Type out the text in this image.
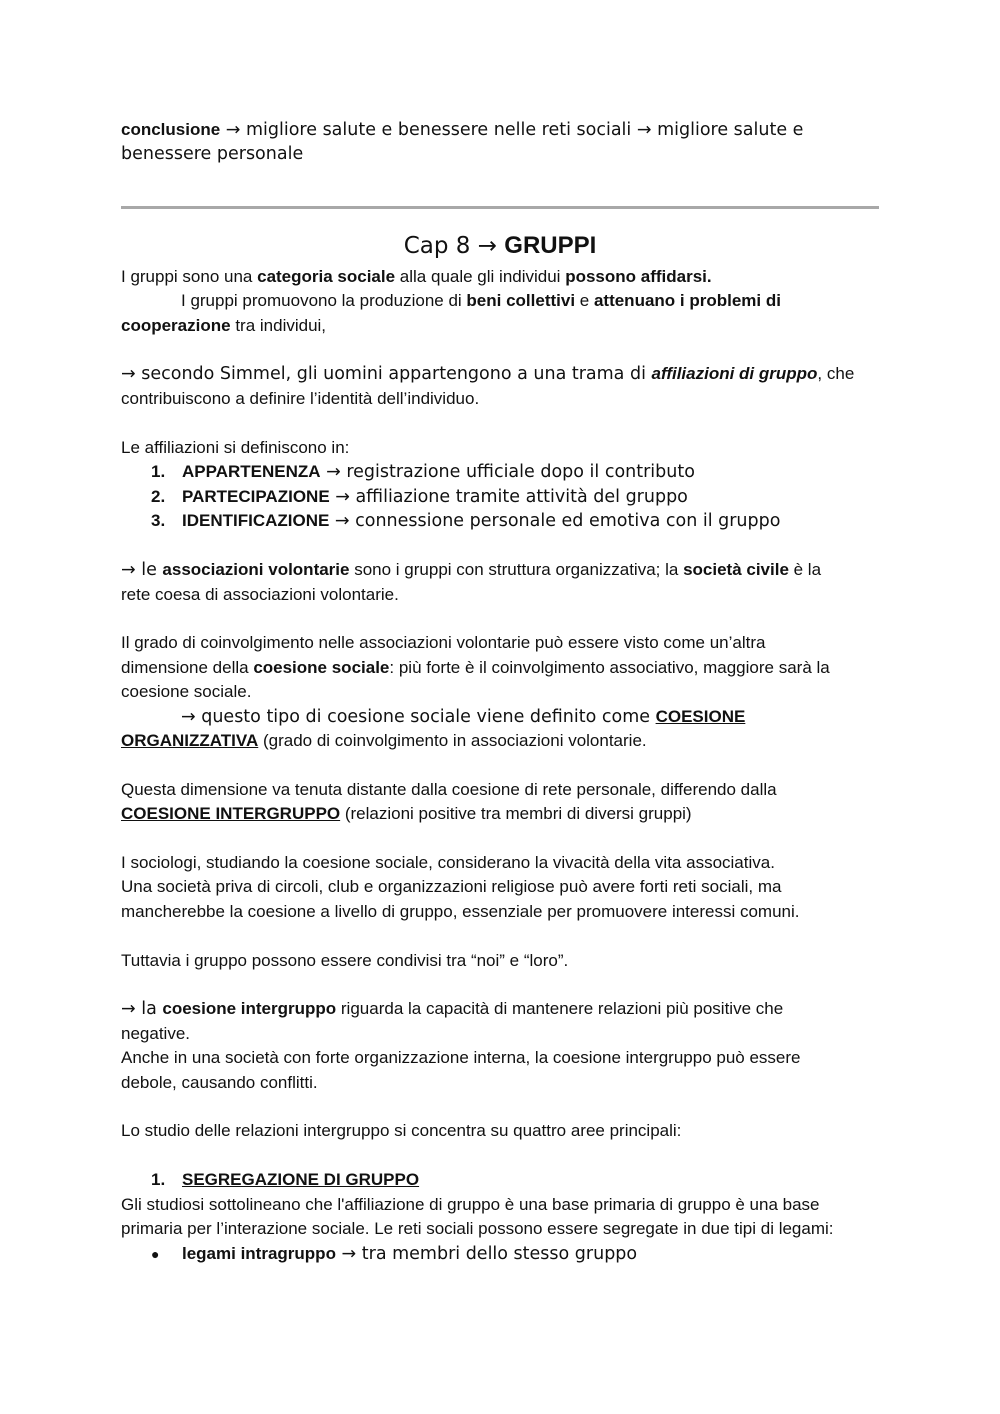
conclusione → migliore salute e benessere nelle reti sociali → migliore salute e
benessere personale
Cap 8 → GRUPPI
I gruppi sono una categoria sociale alla quale gli individui possono affidarsi.
I gruppi promuovono la produzione di beni collettivi e attenuano i problemi di
cooperazione tra individui,
→ secondo Simmel, gli uomini appartengono a una trama di affiliazioni di gruppo, che
contribuiscono a definire l’identità dell’individuo.
Le affiliazioni si definiscono in:
1. APPARTENENZA → registrazione ufficiale dopo il contributo
2. PARTECIPAZIONE → affiliazione tramite attività del gruppo
3. IDENTIFICAZIONE → connessione personale ed emotiva con il gruppo
→ le associazioni volontarie sono i gruppi con struttura organizzativa; la società civile è la
rete coesa di associazioni volontarie.
Il grado di coinvolgimento nelle associazioni volontarie può essere visto come un’altra
dimensione della coesione sociale: più forte è il coinvolgimento associativo, maggiore sarà la
coesione sociale.
→ questo tipo di coesione sociale viene definito come COESIONE
ORGANIZZATIVA (grado di coinvolgimento in associazioni volontarie.
Questa dimensione va tenuta distante dalla coesione di rete personale, differendo dalla
COESIONE INTERGRUPPO (relazioni positive tra membri di diversi gruppi)
I sociologi, studiando la coesione sociale, considerano la vivacità della vita associativa.
Una società priva di circoli, club e organizzazioni religiose può avere forti reti sociali, ma
mancherebbe la coesione a livello di gruppo, essenziale per promuovere interessi comuni.
Tuttavia i gruppo possono essere condivisi tra “noi” e “loro”.
→ la coesione intergruppo riguarda la capacità di mantenere relazioni più positive che
negative.
Anche in una società con forte organizzazione interna, la coesione intergruppo può essere
debole, causando conflitti.
Lo studio delle relazioni intergruppo si concentra su quattro aree principali:
1. SEGREGAZIONE DI GRUPPO
Gli studiosi sottolineano che l'affiliazione di gruppo è una base primaria di gruppo è una base
primaria per l’interazione sociale. Le reti sociali possono essere segregate in due tipi di legami:
● legami intragruppo → tra membri dello stesso gruppo
